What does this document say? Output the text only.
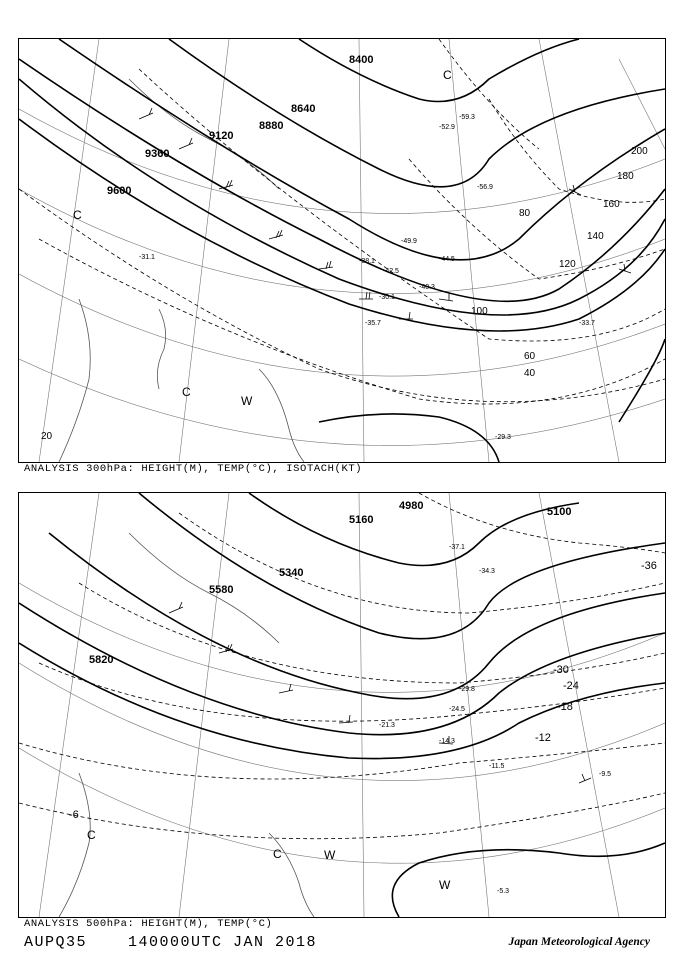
8400
8640
8880
9120
9360
9600
20
40
60
80
100
120
140
160
180
200
-29.3
-30.1
-31.1
-33.7
-35.7
-38.1
-40.3
-42.5
-44.5
-49.9
-52.9
-56.9
-59.3
C
C
C
W
ANALYSIS 300hPa: HEIGHT(M), TEMP(°C), ISOTACH(KT)
5100
5340
5580
5820
4980
5160
-6
-12
-18
-24
-30
-36
-5.3
-9.5
-11.5
-14.3
-21.3
-24.5
-29.8
-34.3
-37.1
C
C	W
W
ANALYSIS 500hPa: HEIGHT(M), TEMP(°C)
AUPQ35	140000UTC JAN 2018	Japan Meteorological Agency
